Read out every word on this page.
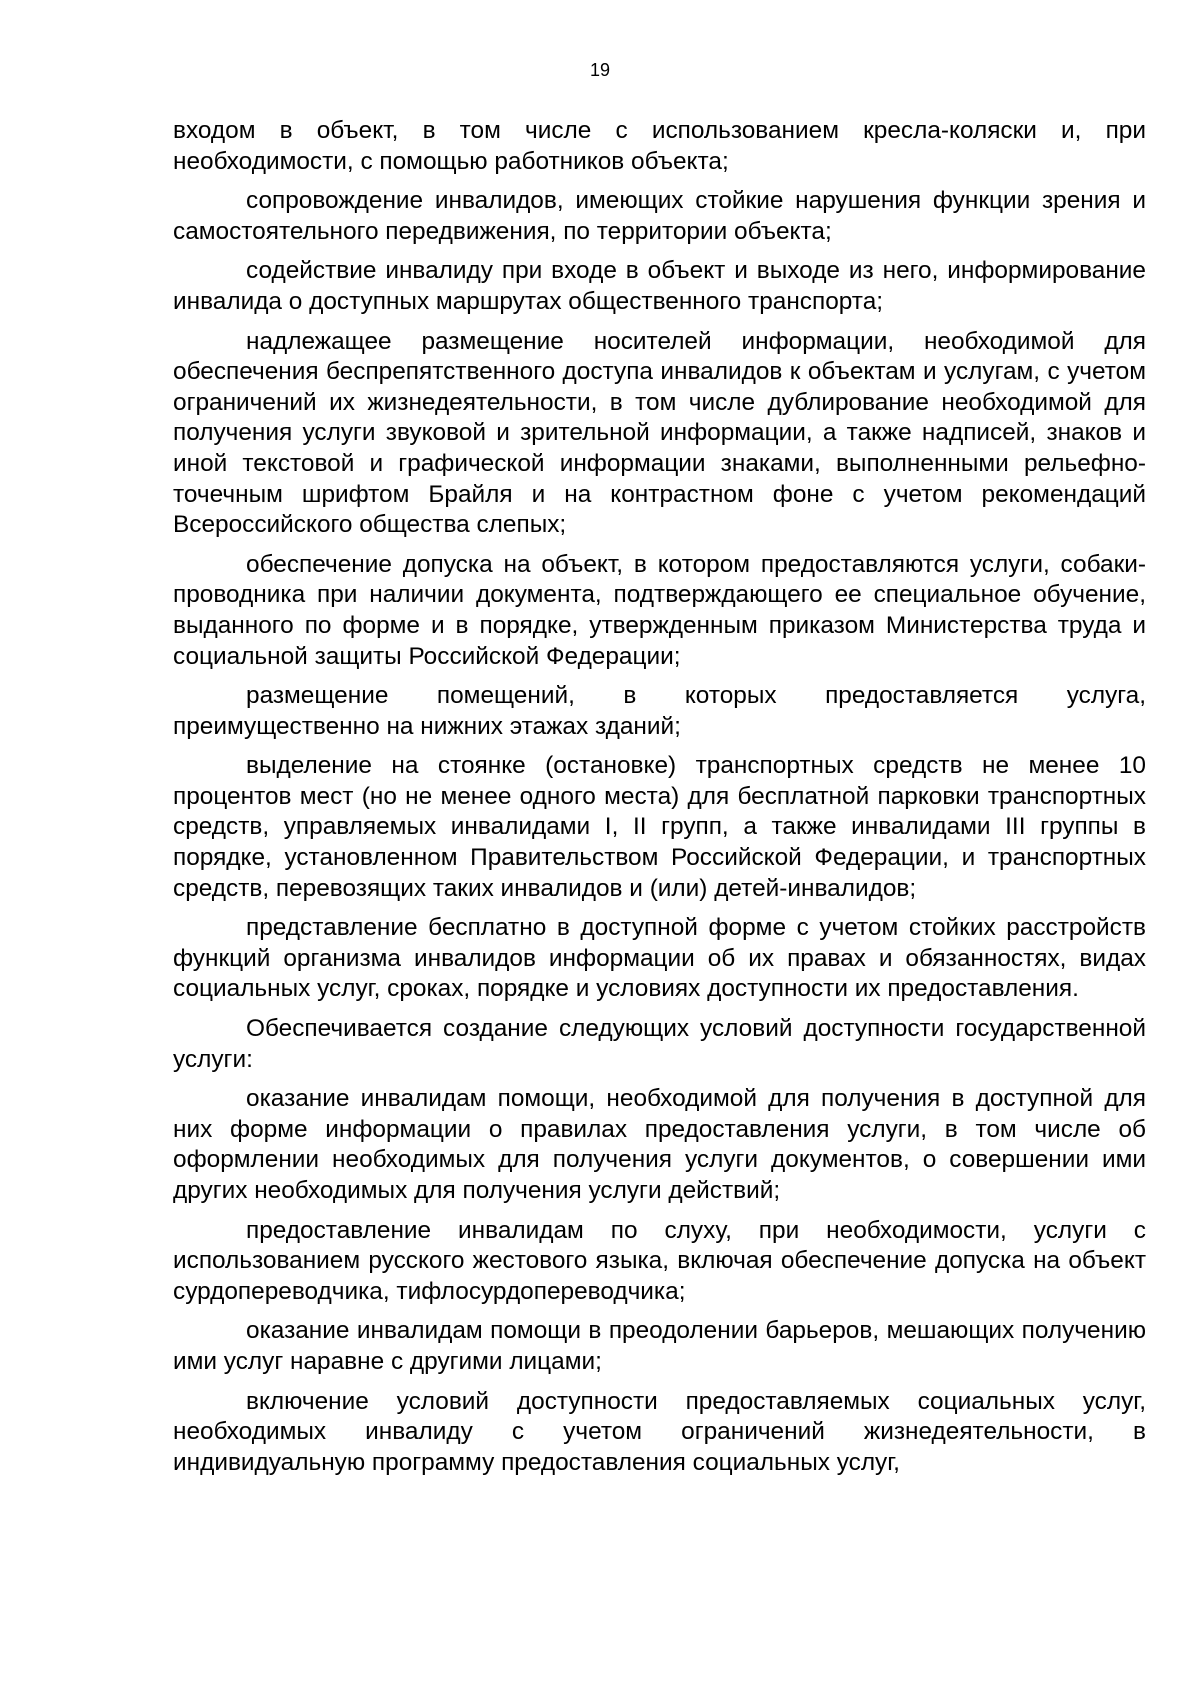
19

входом в объект, в том числе с использованием кресла-коляски и, при необходимости, с помощью работников объекта;

сопровождение инвалидов, имеющих стойкие нарушения функции зрения и самостоятельного передвижения, по территории объекта;

содействие инвалиду при входе в объект и выходе из него, информирование инвалида о доступных маршрутах общественного транспорта;

надлежащее размещение носителей информации, необходимой для обеспечения беспрепятственного доступа инвалидов к объектам и услугам, с учетом ограничений их жизнедеятельности, в том числе дублирование необходимой для получения услуги звуковой и зрительной информации, а также надписей, знаков и иной текстовой и графической информации знаками, выполненными рельефно-точечным шрифтом Брайля и на контрастном фоне с учетом рекомендаций Всероссийского общества слепых;

обеспечение допуска на объект, в котором предоставляются услуги, собаки-проводника при наличии документа, подтверждающего ее специальное обучение, выданного по форме и в порядке, утвержденным приказом Министерства труда и социальной защиты Российской Федерации;

размещение помещений, в которых предоставляется услуга, преимущественно на нижних этажах зданий;

выделение на стоянке (остановке) транспортных средств не менее 10 процентов мест (но не менее одного места) для бесплатной парковки транспортных средств, управляемых инвалидами I, II групп, а также инвалидами III группы в порядке, установленном Правительством Российской Федерации, и транспортных средств, перевозящих таких инвалидов и (или) детей-инвалидов;

представление бесплатно в доступной форме с учетом стойких расстройств функций организма инвалидов информации об их правах и обязанностях, видах социальных услуг, сроках, порядке и условиях доступности их предоставления.

Обеспечивается создание следующих условий доступности государственной услуги:

оказание инвалидам помощи, необходимой для получения в доступной для них форме информации о правилах предоставления услуги, в том числе об оформлении необходимых для получения услуги документов, о совершении ими других необходимых для получения услуги действий;

предоставление инвалидам по слуху, при необходимости, услуги с использованием русского жестового языка, включая обеспечение допуска на объект сурдопереводчика, тифлосурдопереводчика;

оказание инвалидам помощи в преодолении барьеров, мешающих получению ими услуг наравне с другими лицами;

включение условий доступности предоставляемых социальных услуг, необходимых инвалиду с учетом ограничений жизнедеятельности, в индивидуальную программу предоставления социальных услуг,
